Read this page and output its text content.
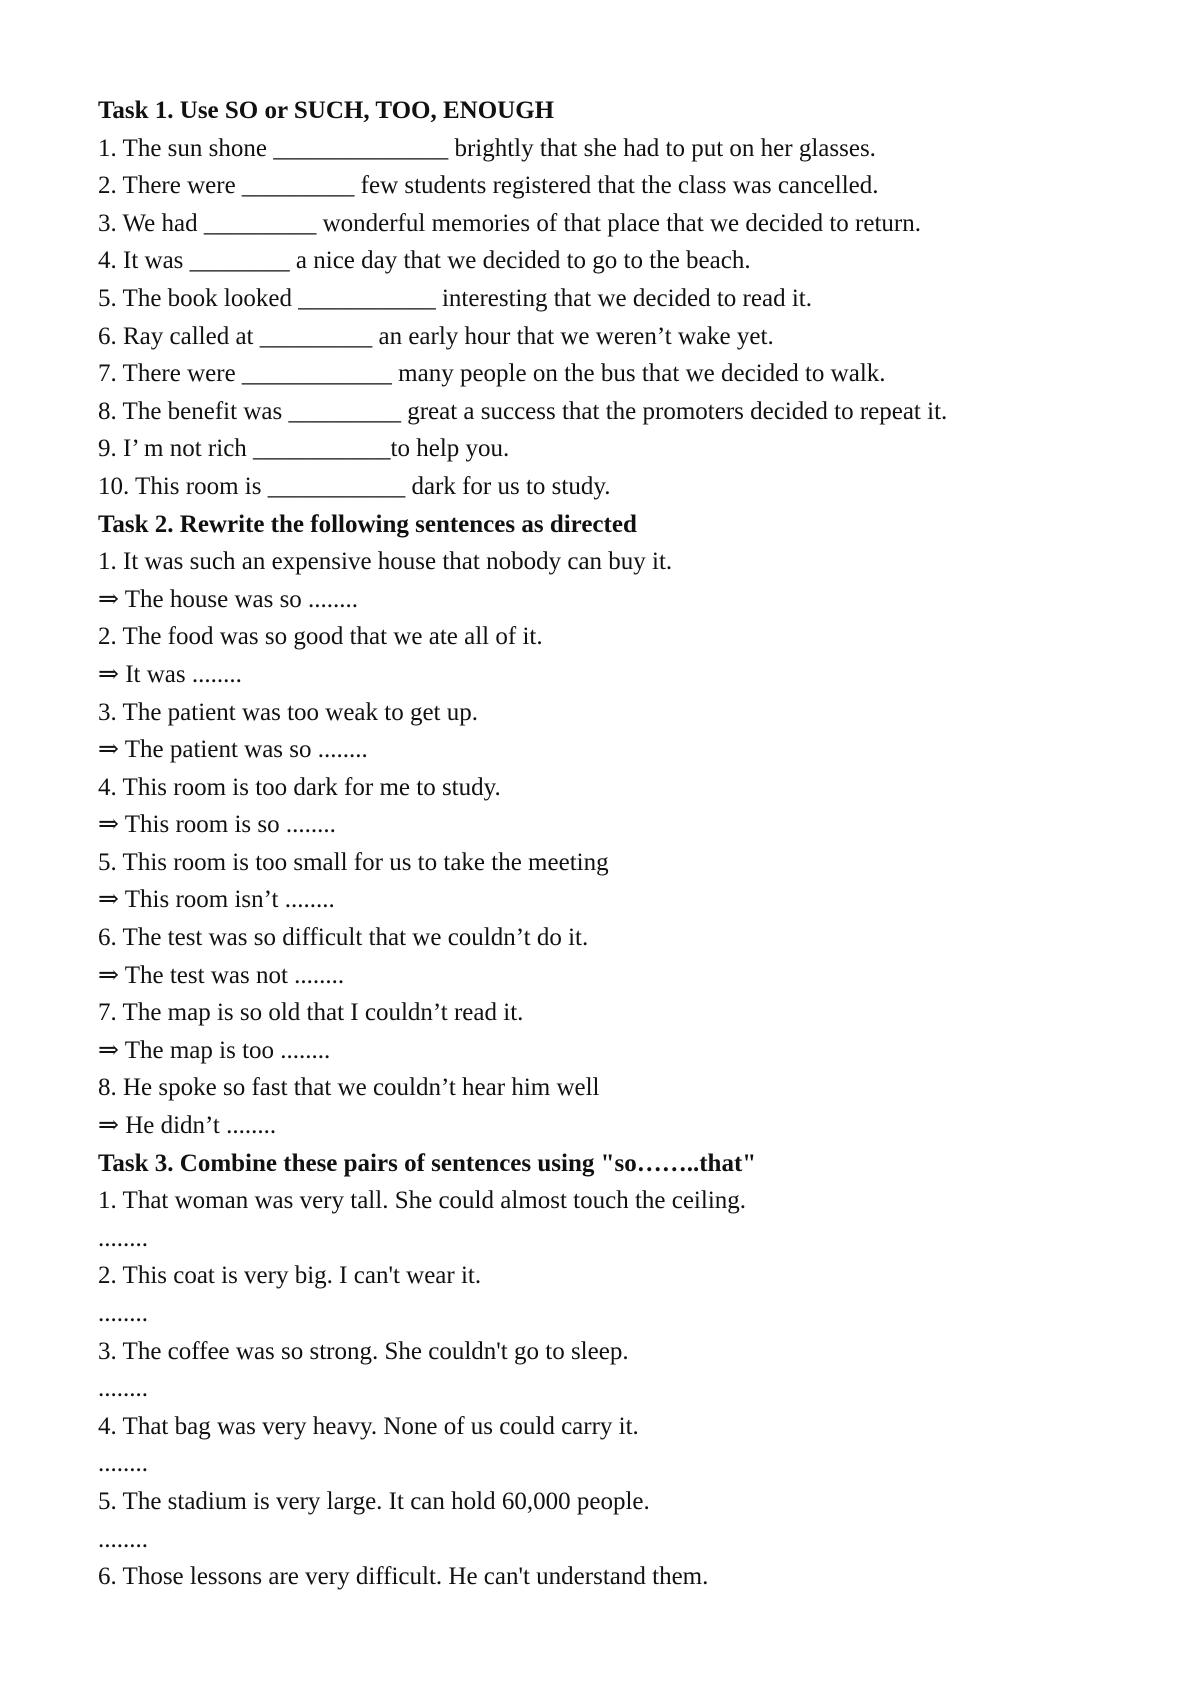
Task 1. Use SO or SUCH, TOO, ENOUGH
1. The sun shone ______________ brightly that she had to put on her glasses.
2. There were _________ few students registered that the class was cancelled.
3. We had _________ wonderful memories of that place that we decided to return.
4. It was ________ a nice day that we decided to go to the beach.
5. The book looked ___________ interesting that we decided to read it.
6. Ray called at _________ an early hour that we weren’t wake yet.
7. There were ____________ many people on the bus that we decided to walk.
8. The benefit was _________ great a success that the promoters decided to repeat it.
9. I’ m not rich ___________to help you.
10. This room is ___________ dark for us to study.
Task 2. Rewrite the following sentences as directed
1. It was such an expensive house that nobody can buy it.
⇒ The house was so ........
2. The food was so good that we ate all of it.
⇒ It was ........
3. The patient was too weak to get up.
⇒ The patient was so ........
4. This room is too dark for me to study.
⇒ This room is so ........
5. This room is too small for us to take the meeting
⇒ This room isn’t ........
6. The test was so difficult that we couldn’t do it.
⇒ The test was not ........
7. The map is so old that I couldn’t read it.
⇒ The map is too ........
8. He spoke so fast that we couldn’t hear him well
⇒ He didn’t ........
Task 3. Combine these pairs of sentences using "so……..that"
1. That woman was very tall. She could almost touch the ceiling.
........
2. This coat is very big. I can't wear it.
........
3. The coffee was so strong. She couldn't go to sleep.
........
4. That bag was very heavy. None of us could carry it.
........
5. The stadium is very large. It can hold 60,000 people.
........
6. Those lessons are very difficult. He can't understand them.
